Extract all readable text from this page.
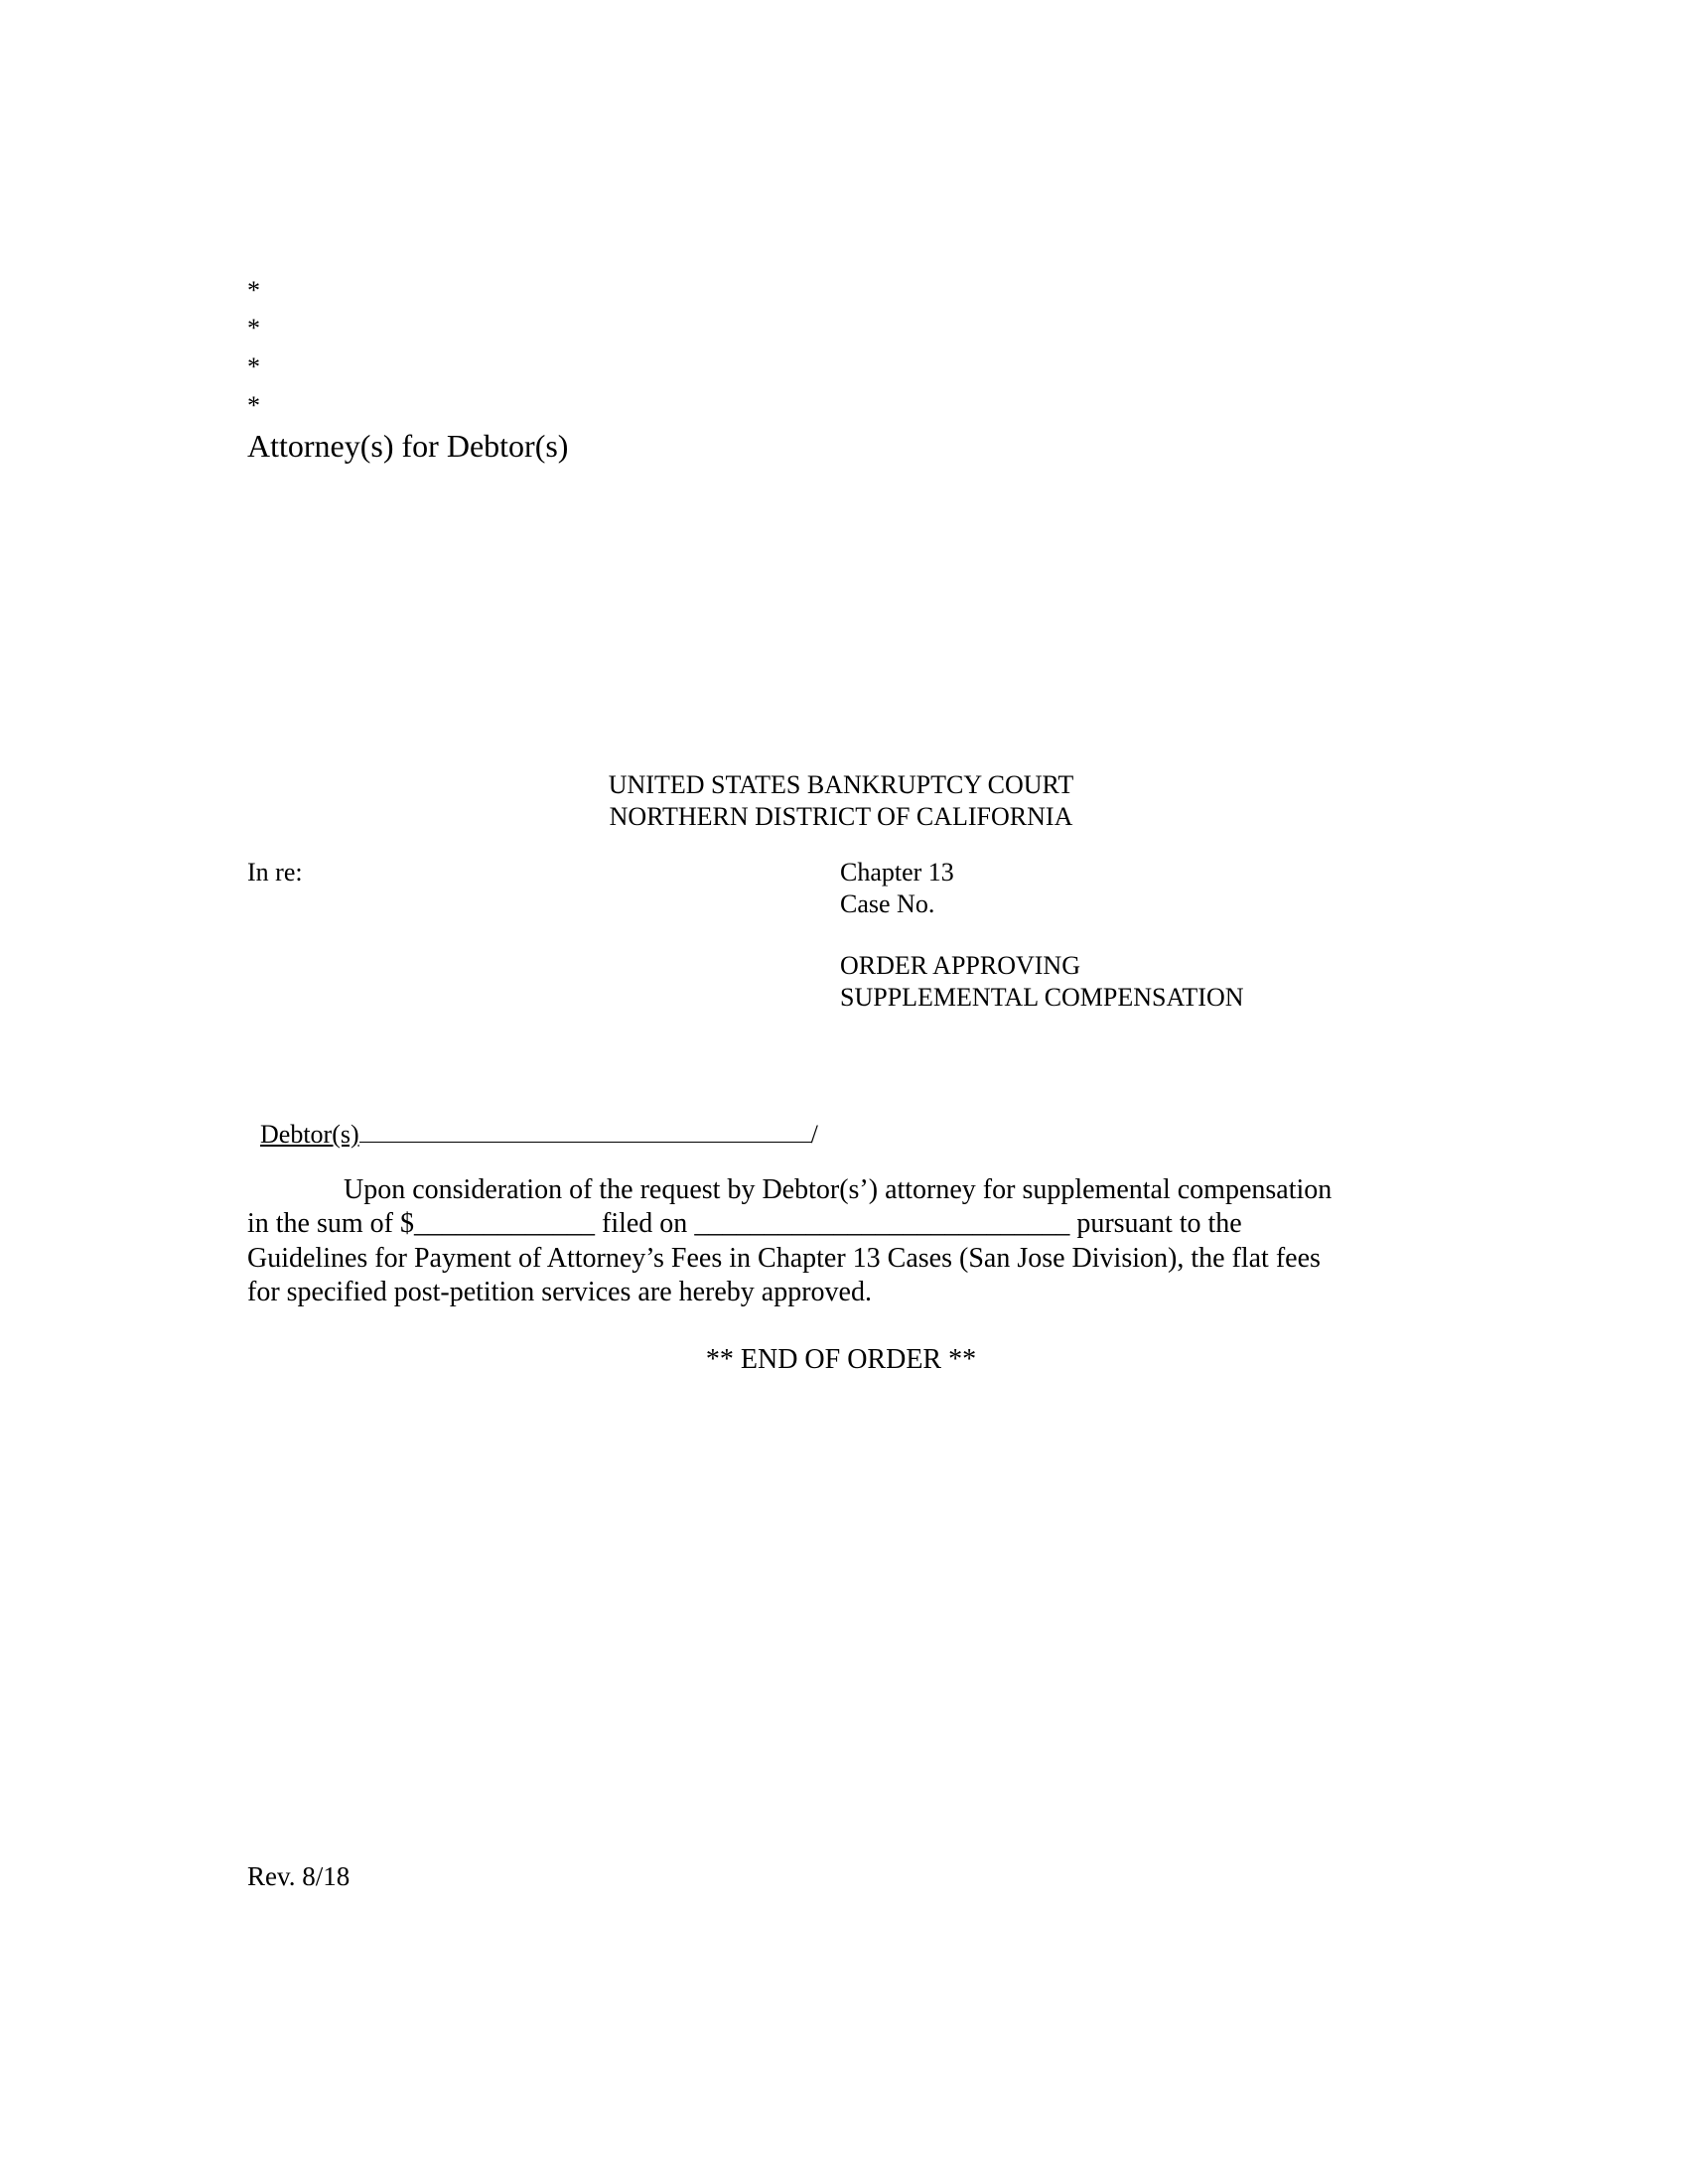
*
*
*
*
Attorney(s) for Debtor(s)
UNITED STATES BANKRUPTCY COURT
NORTHERN DISTRICT OF CALIFORNIA
In re:	Chapter 13
Case No.
ORDER APPROVING
SUPPLEMENTAL COMPENSATION

Debtor(s)	/

Upon consideration of the request by Debtor(s’) attorney for supplemental compensation
in the sum of $_____________ filed on ___________________________ pursuant to the
Guidelines for Payment of Attorney’s Fees in Chapter 13 Cases (San Jose Division), the flat fees
for specified post-petition services are hereby approved.
** END OF ORDER **
Rev. 8/18
